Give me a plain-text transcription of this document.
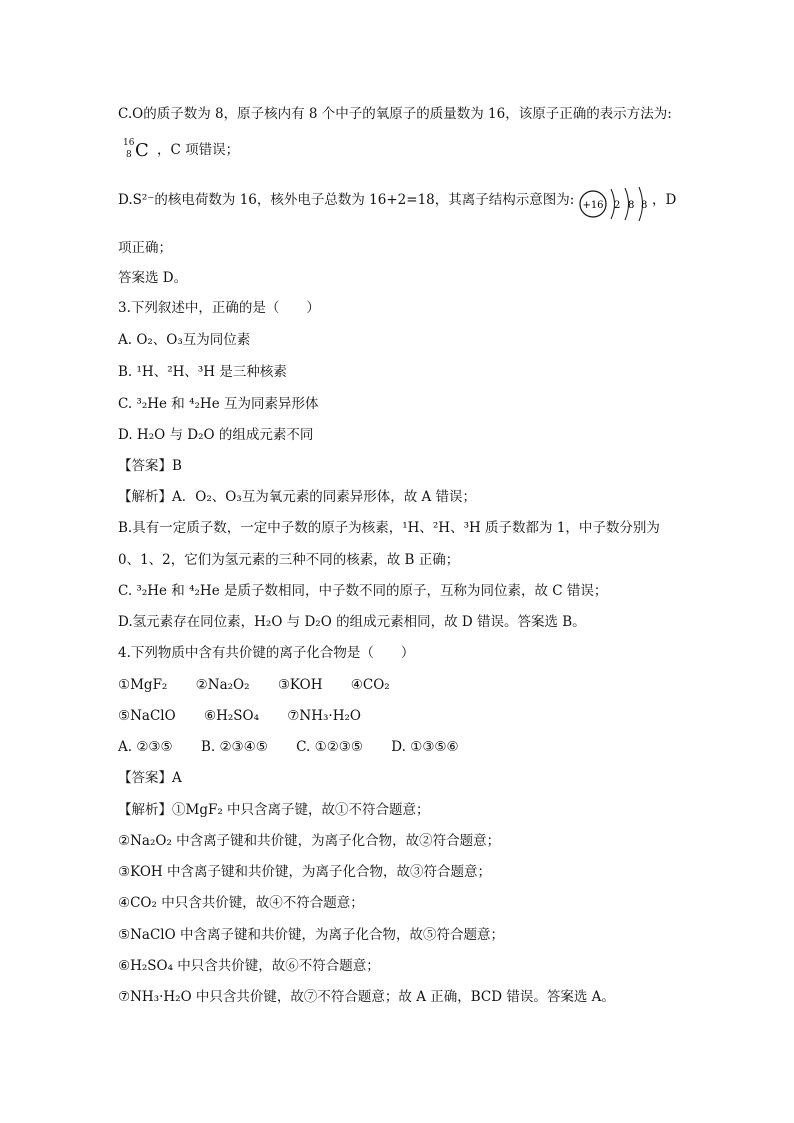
C.O的质子数为 8，原子核内有 8 个中子的氧原子的质量数为 16，该原子正确的表示方法为:
16
8 C ，C 项错误；
D.S²⁻的核电荷数为 16，核外电子总数为 16+2=18，其离子结构示意图为: +16 2 8 8 ，D
项正确；
答案选 D。
3.下列叙述中，正确的是（　　）
A. O₂、O₃互为同位素
B. ¹H、²H、³H 是三种核素
C. ³₂He 和 ⁴₂He 互为同素异形体
D. H₂O 与 D₂O 的组成元素不同
【答案】B
【解析】A．O₂、O₃互为氧元素的同素异形体，故 A 错误；
B.具有一定质子数，一定中子数的原子为核素，¹H、²H、³H 质子数都为 1，中子数分别为
0、1、2，它们为氢元素的三种不同的核素，故 B 正确；
C. ³₂He 和 ⁴₂He 是质子数相同，中子数不同的原子，互称为同位素，故 C 错误；
D.氢元素存在同位素，H₂O 与 D₂O 的组成元素相同，故 D 错误。答案选 B。
4.下列物质中含有共价键的离子化合物是（　　）
①MgF₂ ②Na₂O₂ ③KOH ④CO₂
⑤NaClO ⑥H₂SO₄ ⑦NH₃·H₂O
A. ②③⑤ B. ②③④⑤ C. ①②③⑤ D. ①③⑤⑥
【答案】A
【解析】①MgF₂ 中只含离子键，故①不符合题意；
②Na₂O₂ 中含离子键和共价键，为离子化合物，故②符合题意；
③KOH 中含离子键和共价键，为离子化合物，故③符合题意；
④CO₂ 中只含共价键，故④不符合题意；
⑤NaClO 中含离子键和共价键，为离子化合物，故⑤符合题意；
⑥H₂SO₄ 中只含共价键，故⑥不符合题意；
⑦NH₃·H₂O 中只含共价键，故⑦不符合题意；故 A 正确，BCD 错误。答案选 A。
